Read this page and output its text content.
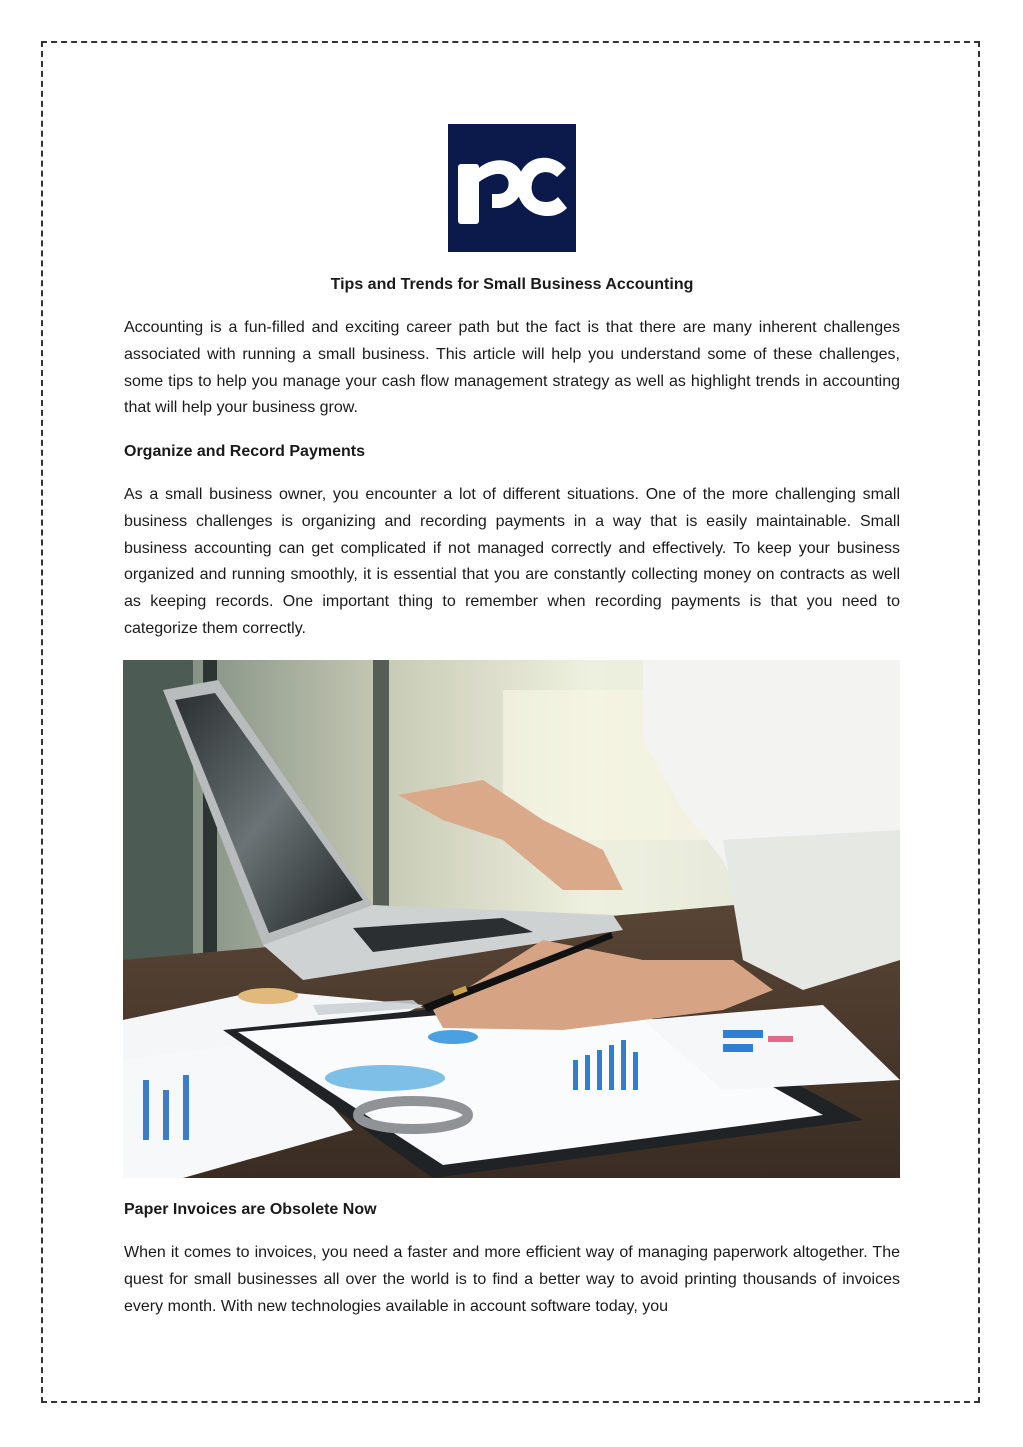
Tips and Trends for Small Business Accounting

Accounting is a fun-filled and exciting career path but the fact is that there are many inherent challenges associated with running a small business. This article will help you understand some of these challenges, some tips to help you manage your cash flow management strategy as well as highlight trends in accounting that will help your business grow.

Organize and Record Payments

As a small business owner, you encounter a lot of different situations. One of the more challenging small business challenges is organizing and recording payments in a way that is easily maintainable. Small business accounting can get complicated if not managed correctly and effectively. To keep your business organized and running smoothly, it is essential that you are constantly collecting money on contracts as well as keeping records. One important thing to remember when recording payments is that you need to categorize them correctly.

Paper Invoices are Obsolete Now

When it comes to invoices, you need a faster and more efficient way of managing paperwork altogether. The quest for small businesses all over the world is to find a better way to avoid printing thousands of invoices every month. With new technologies available in account software today, you
